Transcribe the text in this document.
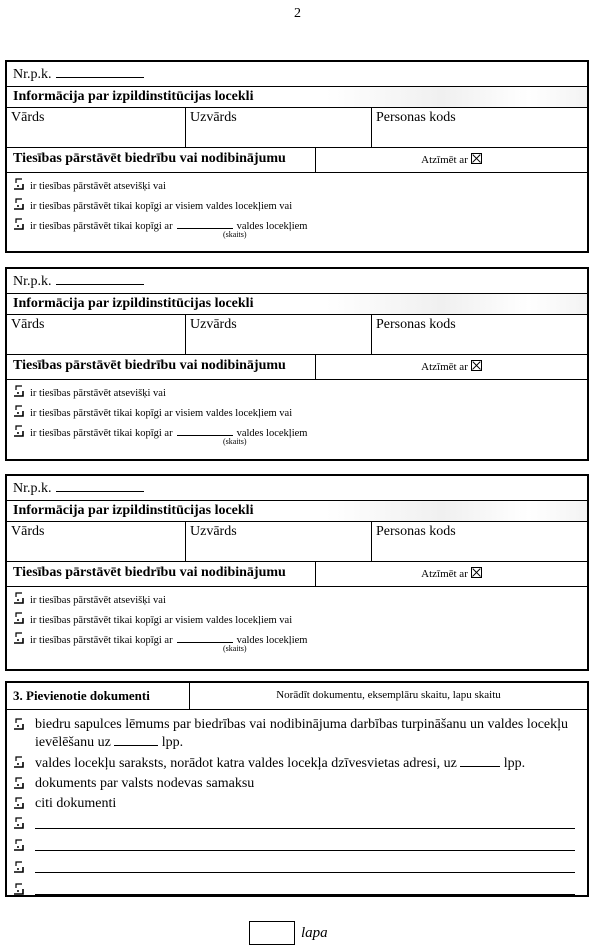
2
Nr.p.k.
Informācija par izpildinstitūcijas locekli
Vārds	Uzvārds	Personas kods
Tiesības pārstāvēt biedrību vai nodibinājumu	Atzīmēt ar
ir tiesības pārstāvēt atsevišķi vai
ir tiesības pārstāvēt tikai kopīgi ar visiem valdes locekļiem vai
ir tiesības pārstāvēt tikai kopīgi ar	valdes locekļiem
(skaits)
Nr.p.k.
Informācija par izpildinstitūcijas locekli
Vārds	Uzvārds	Personas kods
Tiesības pārstāvēt biedrību vai nodibinājumu	Atzīmēt ar
ir tiesības pārstāvēt atsevišķi vai
ir tiesības pārstāvēt tikai kopīgi ar visiem valdes locekļiem vai
ir tiesības pārstāvēt tikai kopīgi ar	valdes locekļiem
(skaits)
Nr.p.k.
Informācija par izpildinstitūcijas locekli
Vārds	Uzvārds	Personas kods
Tiesības pārstāvēt biedrību vai nodibinājumu	Atzīmēt ar
ir tiesības pārstāvēt atsevišķi vai
ir tiesības pārstāvēt tikai kopīgi ar visiem valdes locekļiem vai
ir tiesības pārstāvēt tikai kopīgi ar	valdes locekļiem
(skaits)
3. Pievienotie dokumenti	Norādīt dokumentu, eksemplāru skaitu, lapu skaitu
biedru sapulces lēmums par biedrības vai nodibinājuma darbības turpināšanu un valdes locekļu ievēlēšanu uz	lpp.
valdes locekļu saraksts, norādot katra valdes locekļa dzīvesvietas adresi, uz	lpp.
dokuments par valsts nodevas samaksu
citi dokumenti
lapa
